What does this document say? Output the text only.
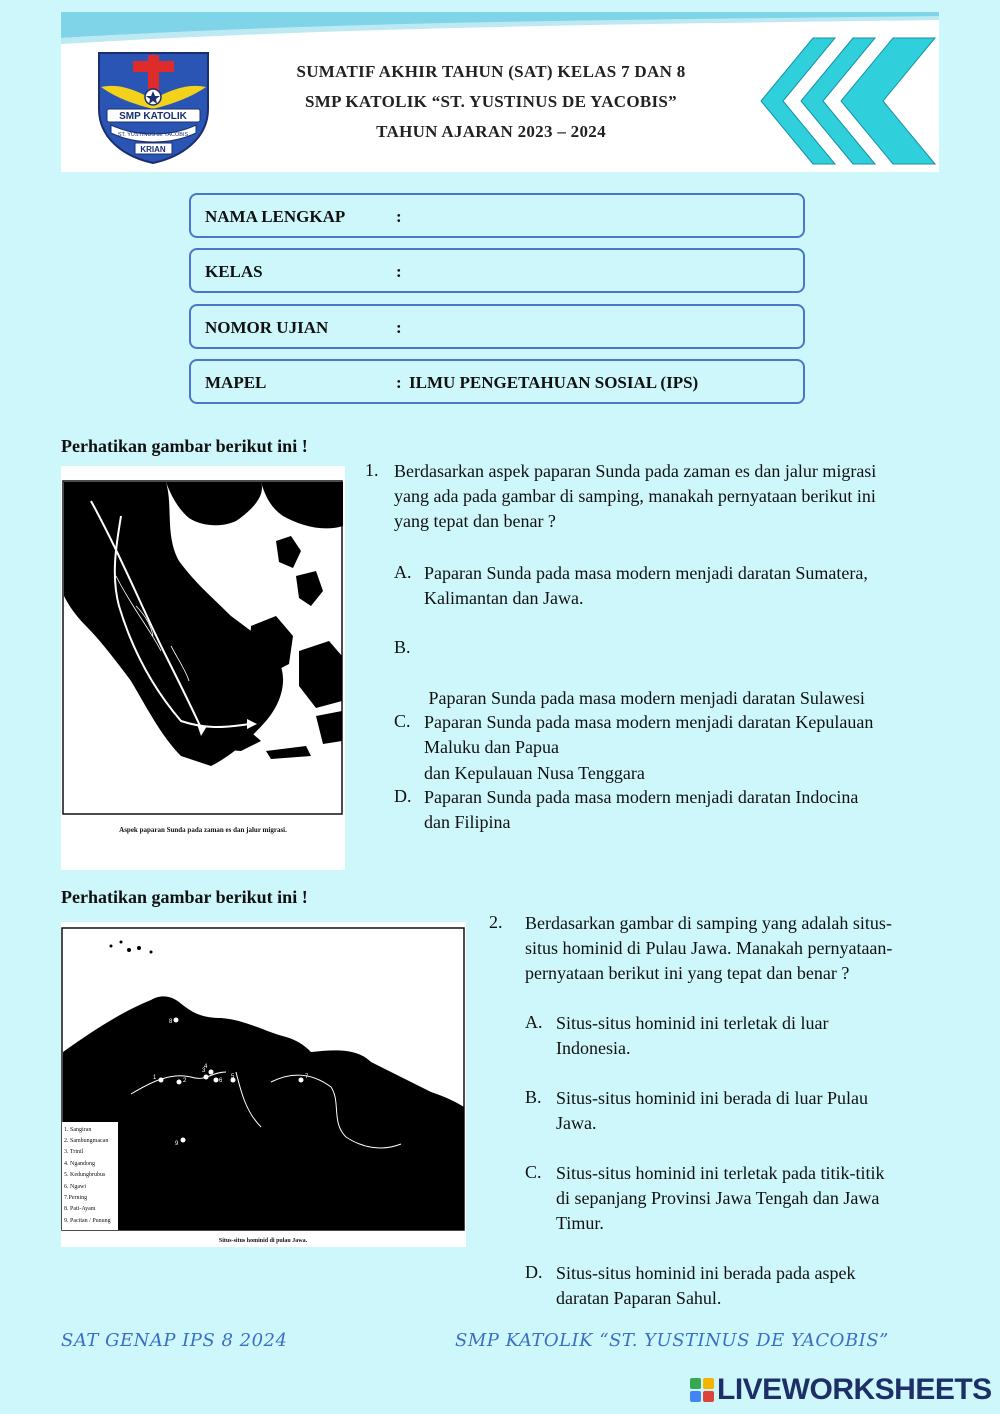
SMP KATOLIK
ST. YUSTINUS de YACOBIS
KRIAN
SUMATIF AKHIR TAHUN (SAT) KELAS 7 DAN 8
SMP KATOLIK “ST. YUSTINUS DE YACOBIS”
TAHUN AJARAN 2023 – 2024
NAMA LENGKAP	:
KELAS	:
NOMOR UJIAN	:
MAPEL	: ILMU PENGETAHUAN SOSIAL (IPS)
Perhatikan gambar berikut ini !
Aspek paparan Sunda pada zaman es dan jalur migrasi.
1. Berdasarkan aspek paparan Sunda pada zaman es dan jalur migrasi
yang ada pada gambar di samping, manakah pernyataan berikut ini
yang tepat dan benar ?
A. Paparan Sunda pada masa modern menjadi daratan Sumatera,
Kalimantan dan Jawa.
B.

Paparan Sunda pada masa modern menjadi daratan Sulawesi

dan Kepulauan Nusa Tenggara

C. Paparan Sunda pada masa modern menjadi daratan Kepulauan
Maluku dan Papua
D. Paparan Sunda pada masa modern menjadi daratan Indocina
dan Filipina
Perhatikan gambar berikut ini !
1	2
3
4
5
6
7
8
9
1. Sangiran
2. Sambungmacan
3. Trinil
4. Ngandong
5. Kedungbrubus
6. Ngawi
7.Perning
8. Pati-Ayam
9. Pacitan / Punung
Situs-situs hominid di pulau Jawa.
2. Berdasarkan gambar di samping yang adalah situs-
situs hominid di Pulau Jawa. Manakah pernyataan-
pernyataan berikut ini yang tepat dan benar ?
A. Situs-situs hominid ini terletak di luar
Indonesia.
B. Situs-situs hominid ini berada di luar Pulau
Jawa.
C. Situs-situs hominid ini terletak pada titik-titik
di sepanjang Provinsi Jawa Tengah dan Jawa
Timur.
D. Situs-situs hominid ini berada pada aspek
daratan Paparan Sahul.
SAT GENAP IPS 8 2024	SMP KATOLIK “ST. YUSTINUS DE YACOBIS”
LIVEWORKSHEETS
